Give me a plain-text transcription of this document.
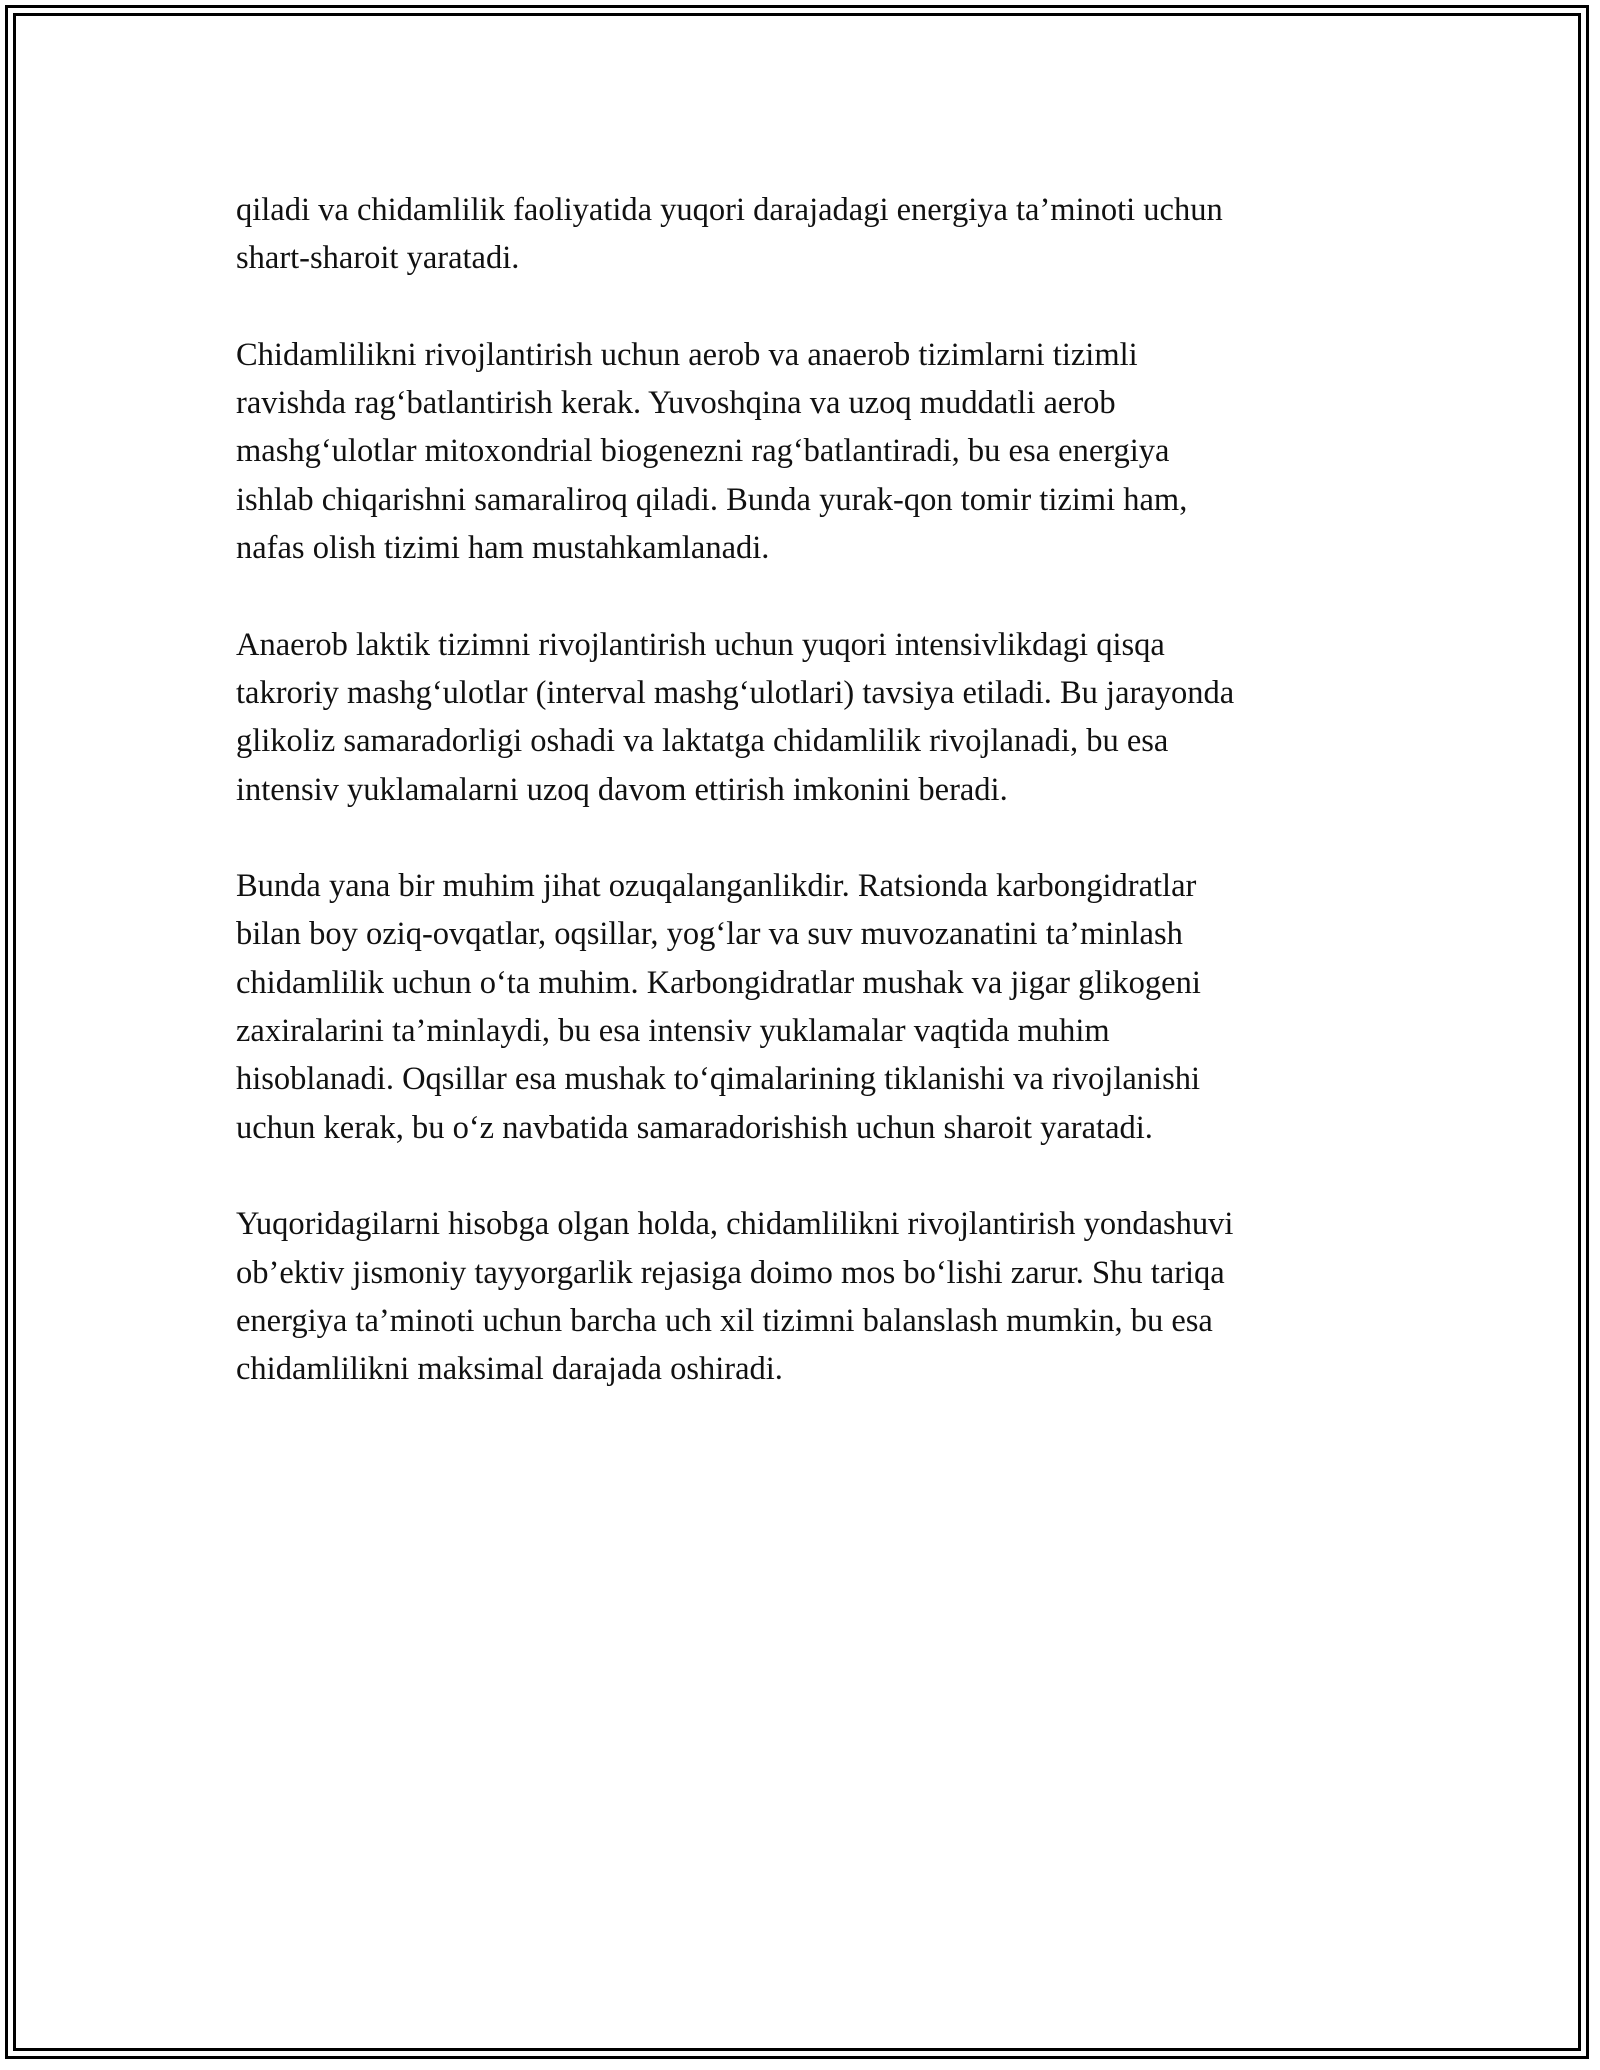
qiladi va chidamlilik faoliyatida yuqori darajadagi energiya ta’minoti uchun
shart-sharoit yaratadi.

Chidamlilikni rivojlantirish uchun aerob va anaerob tizimlarni tizimli
ravishda rag‘batlantirish kerak. Yuvoshqina va uzoq muddatli aerob
mashg‘ulotlar mitoxondrial biogenezni rag‘batlantiradi, bu esa energiya
ishlab chiqarishni samaraliroq qiladi. Bunda yurak-qon tomir tizimi ham,
nafas olish tizimi ham mustahkamlanadi.

Anaerob laktik tizimni rivojlantirish uchun yuqori intensivlikdagi qisqa
takroriy mashg‘ulotlar (interval mashg‘ulotlari) tavsiya etiladi. Bu jarayonda
glikoliz samaradorligi oshadi va laktatga chidamlilik rivojlanadi, bu esa
intensiv yuklamalarni uzoq davom ettirish imkonini beradi.

Bunda yana bir muhim jihat ozuqalanganlikdir. Ratsionda karbongidratlar
bilan boy oziq-ovqatlar, oqsillar, yog‘lar va suv muvozanatini ta’minlash
chidamlilik uchun o‘ta muhim. Karbongidratlar mushak va jigar glikogeni
zaxiralarini ta’minlaydi, bu esa intensiv yuklamalar vaqtida muhim
hisoblanadi. Oqsillar esa mushak to‘qimalarining tiklanishi va rivojlanishi
uchun kerak, bu o‘z navbatida samaradorishish uchun sharoit yaratadi.

Yuqoridagilarni hisobga olgan holda, chidamlilikni rivojlantirish yondashuvi
ob’ektiv jismoniy tayyorgarlik rejasiga doimo mos bo‘lishi zarur. Shu tariqa
energiya ta’minoti uchun barcha uch xil tizimni balanslash mumkin, bu esa
chidamlilikni maksimal darajada oshiradi.
